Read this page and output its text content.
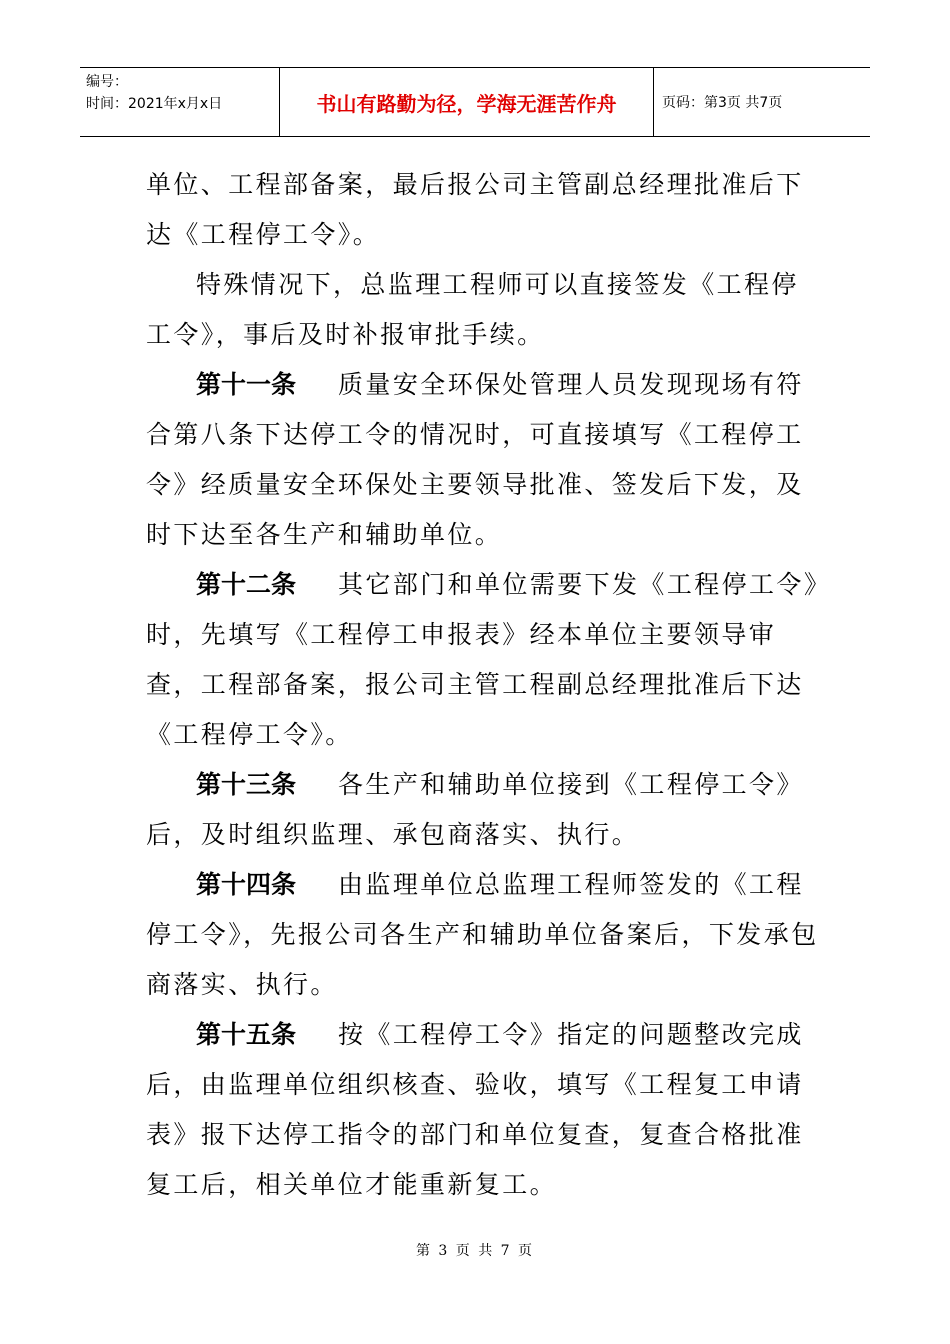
编号：
时间：2021年x月x日	书山有路勤为径，学海无涯苦作舟	页码：第3页 共7页

单位、工程部备案，最后报公司主管副总经理批准后下达《工程停工令》。

特殊情况下，总监理工程师可以直接签发《工程停工令》，事后及时补报审批手续。

第十一条 质量安全环保处管理人员发现现场有符合第八条下达停工令的情况时，可直接填写《工程停工令》经质量安全环保处主要领导批准、签发后下发，及时下达至各生产和辅助单位。

第十二条 其它部门和单位需要下发《工程停工令》时，先填写《工程停工申报表》经本单位主要领导审查，工程部备案，报公司主管工程副总经理批准后下达《工程停工令》。

第十三条 各生产和辅助单位接到《工程停工令》后，及时组织监理、承包商落实、执行。

第十四条 由监理单位总监理工程师签发的《工程停工令》，先报公司各生产和辅助单位备案后，下发承包商落实、执行。

第十五条 按《工程停工令》指定的问题整改完成后，由监理单位组织核查、验收，填写《工程复工申请表》报下达停工指令的部门和单位复查，复查合格批准复工后，相关单位才能重新复工。

第 3 页 共 7 页
